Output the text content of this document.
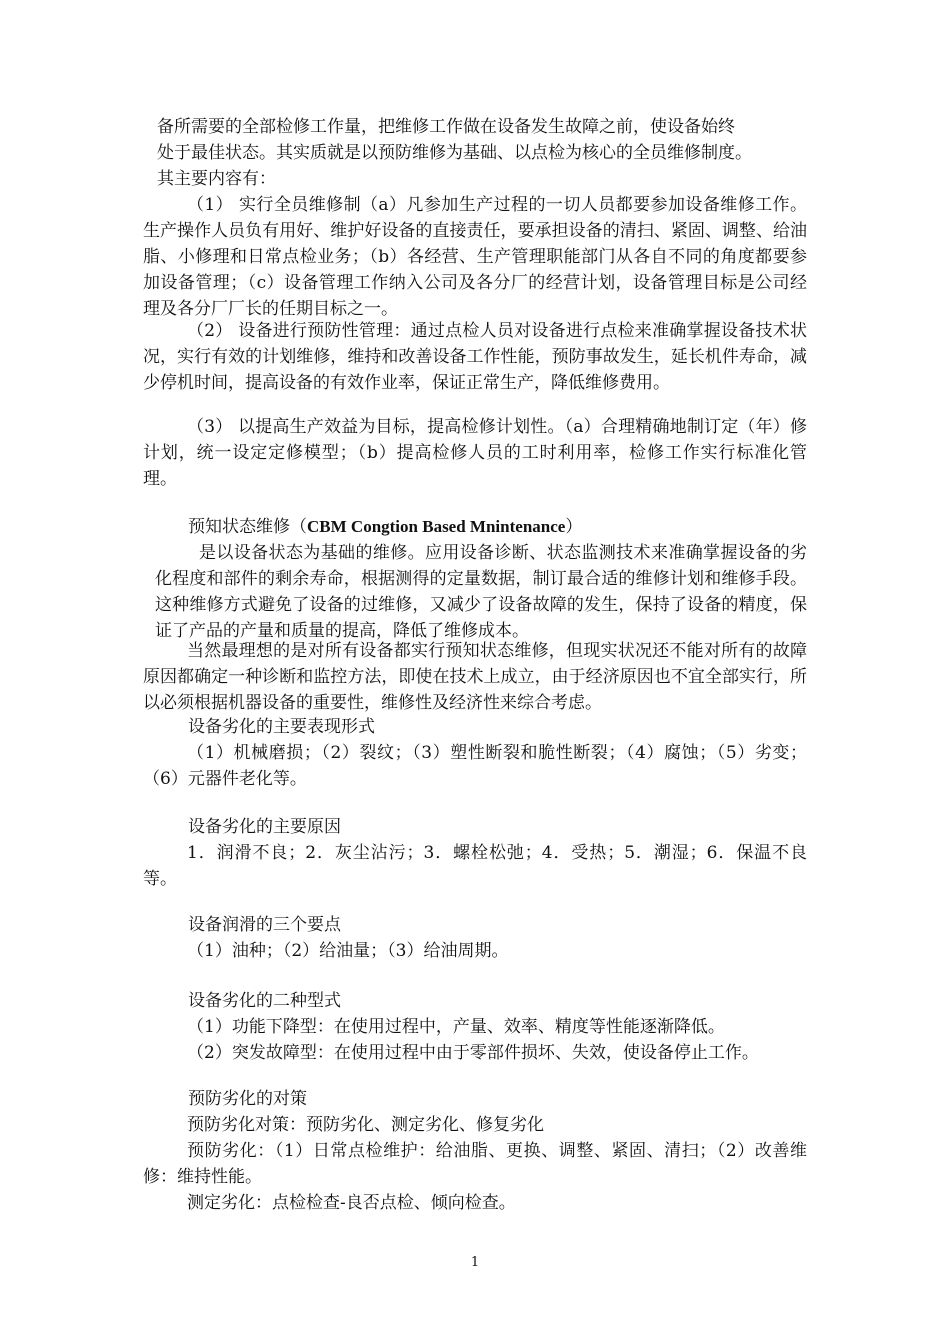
备所需要的全部检修工作量，把维修工作做在设备发生故障之前，使设备始终

处于最佳状态。其实质就是以预防维修为基础、以点检为核心的全员维修制度。

其主要内容有：

（1） 实行全员维修制（a）凡参加生产过程的一切人员都要参加设备维修工作。生产操作人员负有用好、维护好设备的直接责任，要承担设备的清扫、紧固、调整、给油脂、小修理和日常点检业务；（b）各经营、生产管理职能部门从各自不同的角度都要参加设备管理；（c）设备管理工作纳入公司及各分厂的经营计划，设备管理目标是公司经理及各分厂厂长的任期目标之一。

（2） 设备进行预防性管理：通过点检人员对设备进行点检来准确掌握设备技术状况，实行有效的计划维修，维持和改善设备工作性能，预防事故发生，延长机件寿命，减少停机时间，提高设备的有效作业率，保证正常生产，降低维修费用。

（3） 以提高生产效益为目标，提高检修计划性。（a）合理精确地制订定（年）修计划，统一设定定修模型；（b）提高检修人员的工时利用率，检修工作实行标准化管理。

预知状态维修（CBM Congtion Based Mnintenance）

是以设备状态为基础的维修。应用设备诊断、状态监测技术来准确掌握设备的劣化程度和部件的剩余寿命，根据测得的定量数据，制订最合适的维修计划和维修手段。这种维修方式避免了设备的过维修，又减少了设备故障的发生，保持了设备的精度，保证了产品的产量和质量的提高，降低了维修成本。

当然最理想的是对所有设备都实行预知状态维修，但现实状况还不能对所有的故障原因都确定一种诊断和监控方法，即使在技术上成立，由于经济原因也不宜全部实行，所以必须根据机器设备的重要性，维修性及经济性来综合考虑。

设备劣化的主要表现形式

（1）机械磨损；（2）裂纹；（3）塑性断裂和脆性断裂；（4）腐蚀；（5）劣变；（6）元器件老化等。

设备劣化的主要原因

1．润滑不良；2．灰尘沾污；3．螺栓松弛；4．受热；5．潮湿；6．保温不良等。

设备润滑的三个要点

（1）油种；（2）给油量；（3）给油周期。

设备劣化的二种型式

（1）功能下降型：在使用过程中，产量、效率、精度等性能逐渐降低。

（2）突发故障型：在使用过程中由于零部件损坏、失效，使设备停止工作。

预防劣化的对策

预防劣化对策：预防劣化、测定劣化、修复劣化

预防劣化：（1）日常点检维护：给油脂、更换、调整、紧固、清扫；（2）改善维修：维持性能。

测定劣化：点检检查-良否点检、倾向检查。

1
